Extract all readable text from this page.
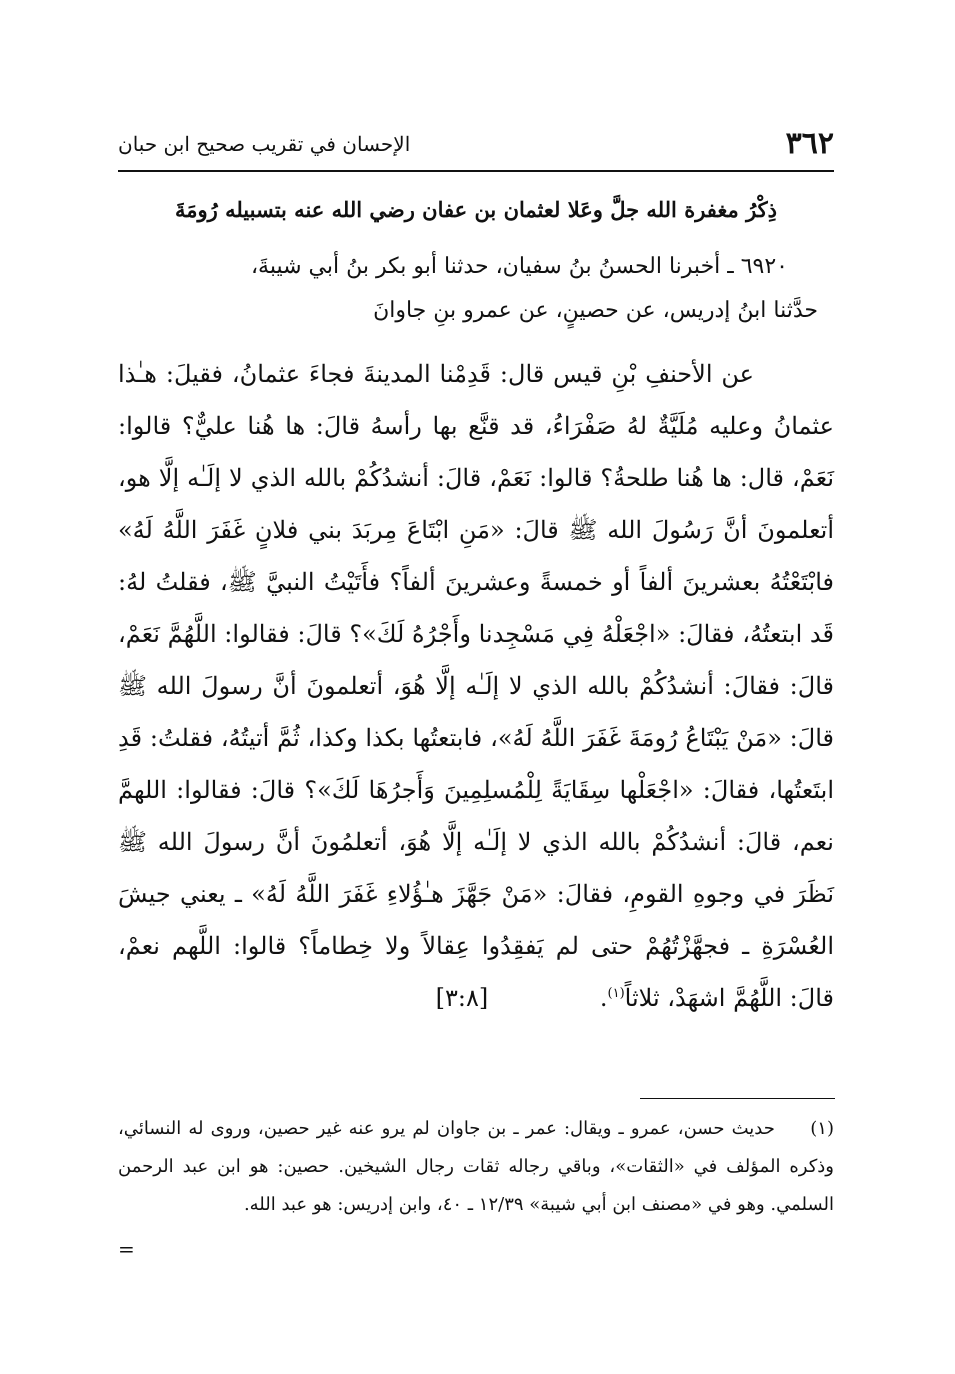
٣٦٢
الإحسان في تقريب صحيح ابن حبان
ذِكْرُ مغفرة الله جلَّ وعَلا لعثمان بن عفان رضي الله عنه بتسبيله رُومَةَ

٦٩٢٠ ـ أخبرنا الحسنُ بنُ سفيان، حدثنا أبو بكر بنُ أبي شيبةَ،

حدَّثنا ابنُ إدريس، عن حصينٍ، عن عمرو بنِ جاوانَ

عن الأحنفِ بْنِ قيس قال: قَدِمْنا المدينةَ فجاءَ عثمانُ، فقيلَ: هـٰذا عثمانُ وعليه مُلَيَّةٌ لهُ صَفْرَاءُ، قد قنَّع بها رأسهُ قالَ: ها هُنا عليٌّ؟ قالوا: نَعَمْ، قال: ها هُنا طلحةُ؟ قالوا: نَعَمْ، قالَ: أنشدُكُمْ بالله الذي لا إلَـٰه إلَّا هو، أتعلمونَ أنَّ رَسُولَ الله ﷺ قالَ: «مَنِ ابْتَاعَ مِربَدَ بني فلانٍ غَفَرَ اللَّهُ لَهُ» فابْتَعْتُهُ بعشرينَ ألفاً أو خمسةً وعشرينَ ألفاً؟ فأَتَيْتُ النبيَّ ﷺ، فقلتُ لهُ: قَد ابتعتُهُ، فقالَ: «اجْعَلْهُ فِي مَسْجِدنا وأَجْرُهُ لَكَ»؟ قالَ: فقالوا: اللَّهُمَّ نَعَمْ، قالَ: فقالَ: أنشدُكُمْ بالله الذي لا إلَـٰه إلَّا هُوَ، أتعلمونَ أنَّ رسولَ الله ﷺ قالَ: «مَنْ يَبْتَاعُ رُومَةَ غَفَرَ اللَّهُ لَهُ»، فابتعتُها بكذا وكذا، ثُمَّ أتيتُهُ، فقلتُ: قَدِ ابتَعتُها، فقالَ: «اجْعَلْها سِقَايَةً لِلْمُسلِمِينَ وَأَجرُهَا لَكَ»؟ قالَ: فقالوا: اللهمَّ نعم، قالَ: أنشدُكُمْ بالله الذي لا إلَـٰه إلَّا هُوَ، أتعلمُونَ أنَّ رسولَ الله ﷺ نَظَرَ في وجوهِ القومِ، فقالَ: «مَنْ جَهَّزَ هـٰؤُلاءِ غَفَرَ اللَّهُ لَهُ» ـ يعني جيشَ العُسْرَةِ ـ فجهَّزْتُهُمْ حتى لم يَفقِدُوا عِقالاً ولا خِطاماً؟ قالوا: اللَّهم نعمْ، قالَ: اللَّهُمَّ اشهَدْ، ثلاثاً$^{(١)}$. [٣:٨]

(١) حديث حسن، عمرو ـ ويقال: عمر ـ بن جاوان لم يرو عنه غير حصين، وروى له النسائي، وذكره المؤلف في «الثقات»، وباقي رجاله ثقات رجال الشيخين. حصين: هو ابن عبد الرحمن السلمي. وهو في «مصنف ابن أبي شيبة» ١٢/٣٩ ـ ٤٠، وابن إدريس: هو عبد الله.

=
